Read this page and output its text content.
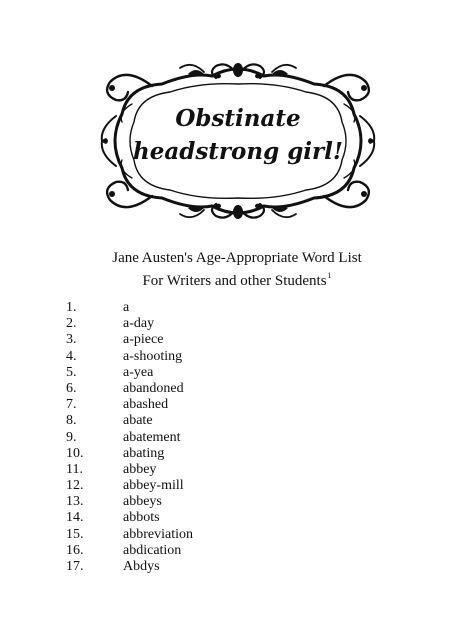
Obstinate
headstrong girl!
Jane Austen's Age-Appropriate Word List
For Writers and other Students$^1$
1.	a
2.	a-day
3.	a-piece
4.	a-shooting
5.	a-yea
6.	abandoned
7.	abashed
8.	abate
9.	abatement
10.	abating
11.	abbey
12.	abbey-mill
13.	abbeys
14.	abbots
15.	abbreviation
16.	abdication
17.	Abdys
